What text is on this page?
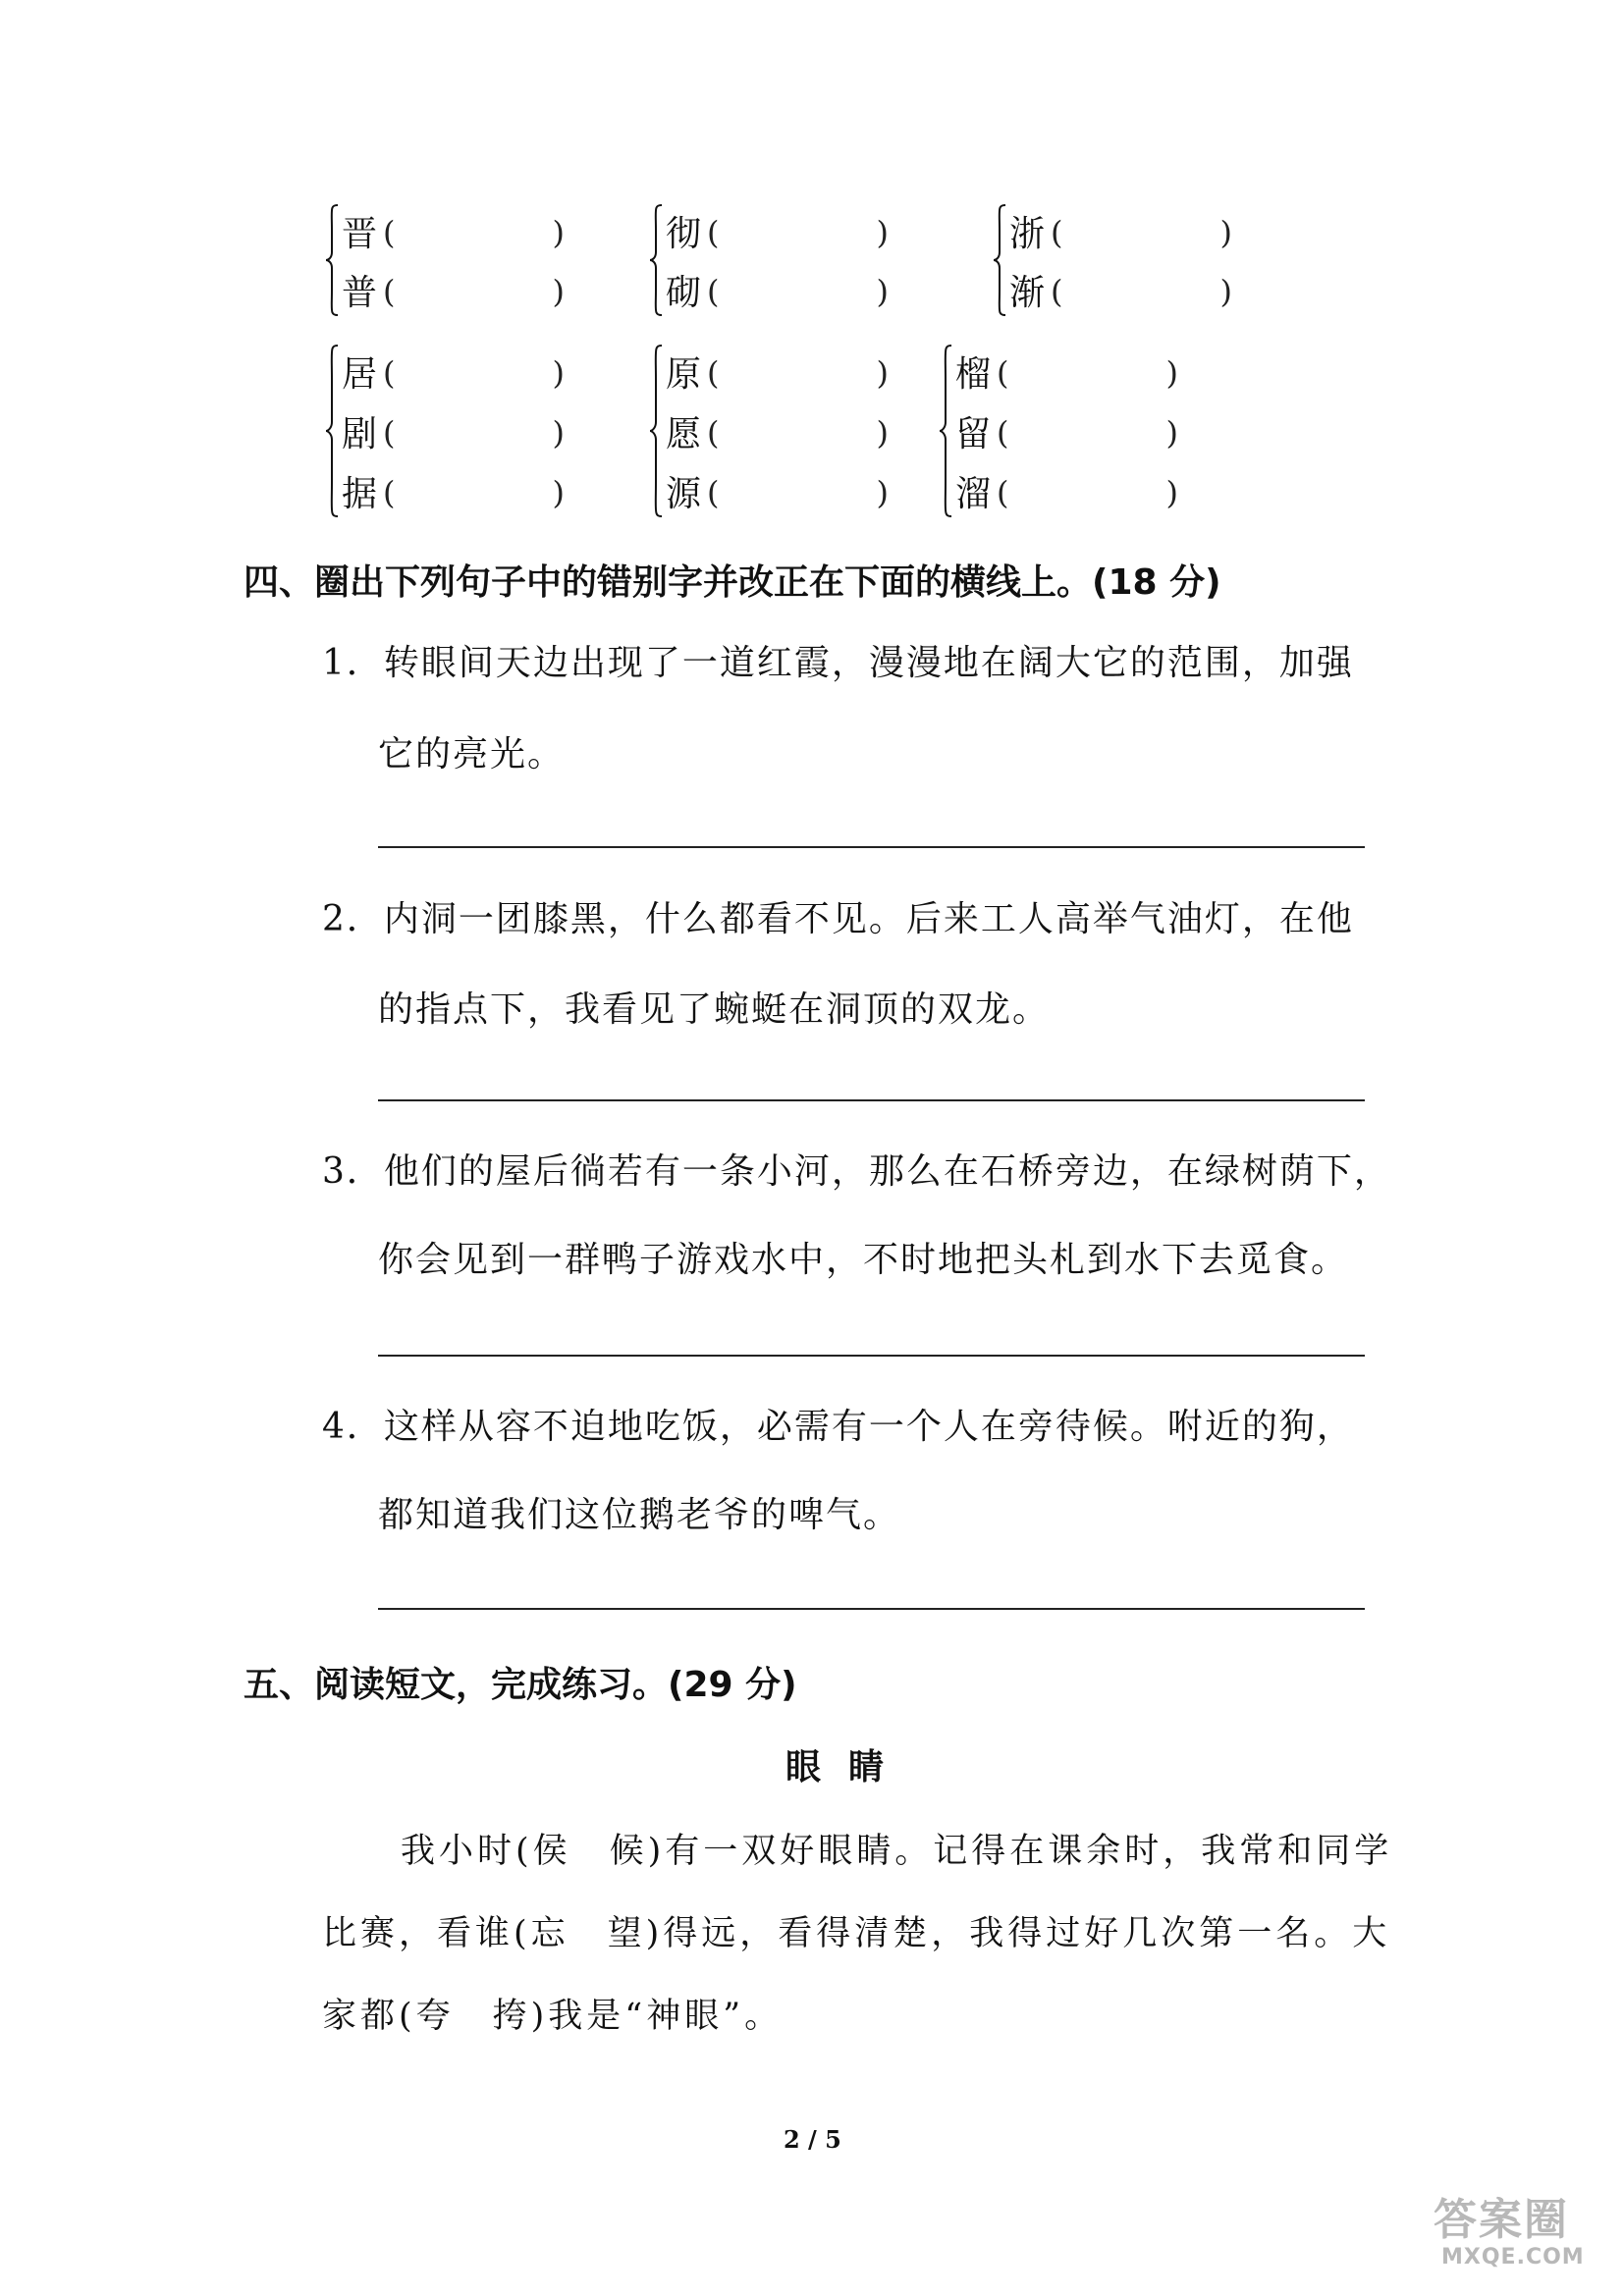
晋 (　　　　　)
普 (　　　　　)
彻 (　　　　　)
砌 (　　　　　)
浙 (　　　　　)
渐 (　　　　　)
居 (　　　　　)
剧 (　　　　　)
据 (　　　　　)
原 (　　　　　)
愿 (　　　　　)
源 (　　　　　)
榴 (　　　　　)
留 (　　　　　)
溜 (　　　　　)
四、圈出下列句子中的错别字并改正在下面的横线上。(18 分)
1．转眼间天边出现了一道红霞，漫漫地在阔大它的范围，加强
它的亮光。
2．内洞一团膝黑，什么都看不见。后来工人高举气油灯，在他
的指点下，我看见了蜿蜓在洞顶的双龙。
3．他们的屋后徜若有一条小河，那么在石桥旁边，在绿树荫下，
你会见到一群鸭子游戏水中，不时地把头札到水下去觅食。
4．这样从容不迫地吃饭，必需有一个人在旁待候。咐近的狗，
都知道我们这位鹅老爷的啤气。
五、阅读短文，完成练习。(29 分)
眼睛
我小时(侯　候)有一双好眼睛。记得在课余时，我常和同学
比赛，看谁(忘　望)得远，看得清楚，我得过好几次第一名。大
家都(夸　挎)我是“神眼”。
2 / 5
答案圈
MXQE.COM
